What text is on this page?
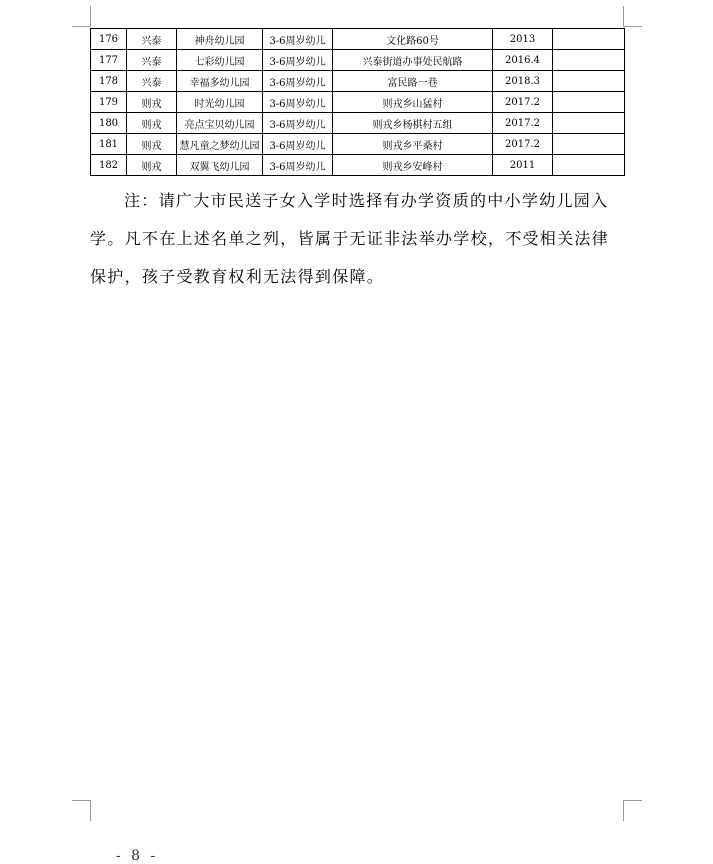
176	兴泰	神舟幼儿园	3-6周岁幼儿	文化路60号	2013	
177	兴泰	七彩幼儿园	3-6周岁幼儿	兴泰街道办事处民航路	2016.4	
178	兴泰	幸福多幼儿园	3-6周岁幼儿	富民路一巷	2018.3	
179	则戎	时光幼儿园	3-6周岁幼儿	则戎乡山猛村	2017.2	
180	则戎	亮点宝贝幼儿园	3-6周岁幼儿	则戎乡杨棋村五组	2017.2	
181	则戎	慧凡童之梦幼儿园	3-6周岁幼儿	则戎乡平桑村	2017.2	
182	则戎	双翼飞幼儿园	3-6周岁幼儿	则戎乡安峰村	2011	

注：请广大市民送子女入学时选择有办学资质的中小学幼儿园入学。凡不在上述名单之列，皆属于无证非法举办学校，不受相关法律保护，孩子受教育权利无法得到保障。

- 8 -
